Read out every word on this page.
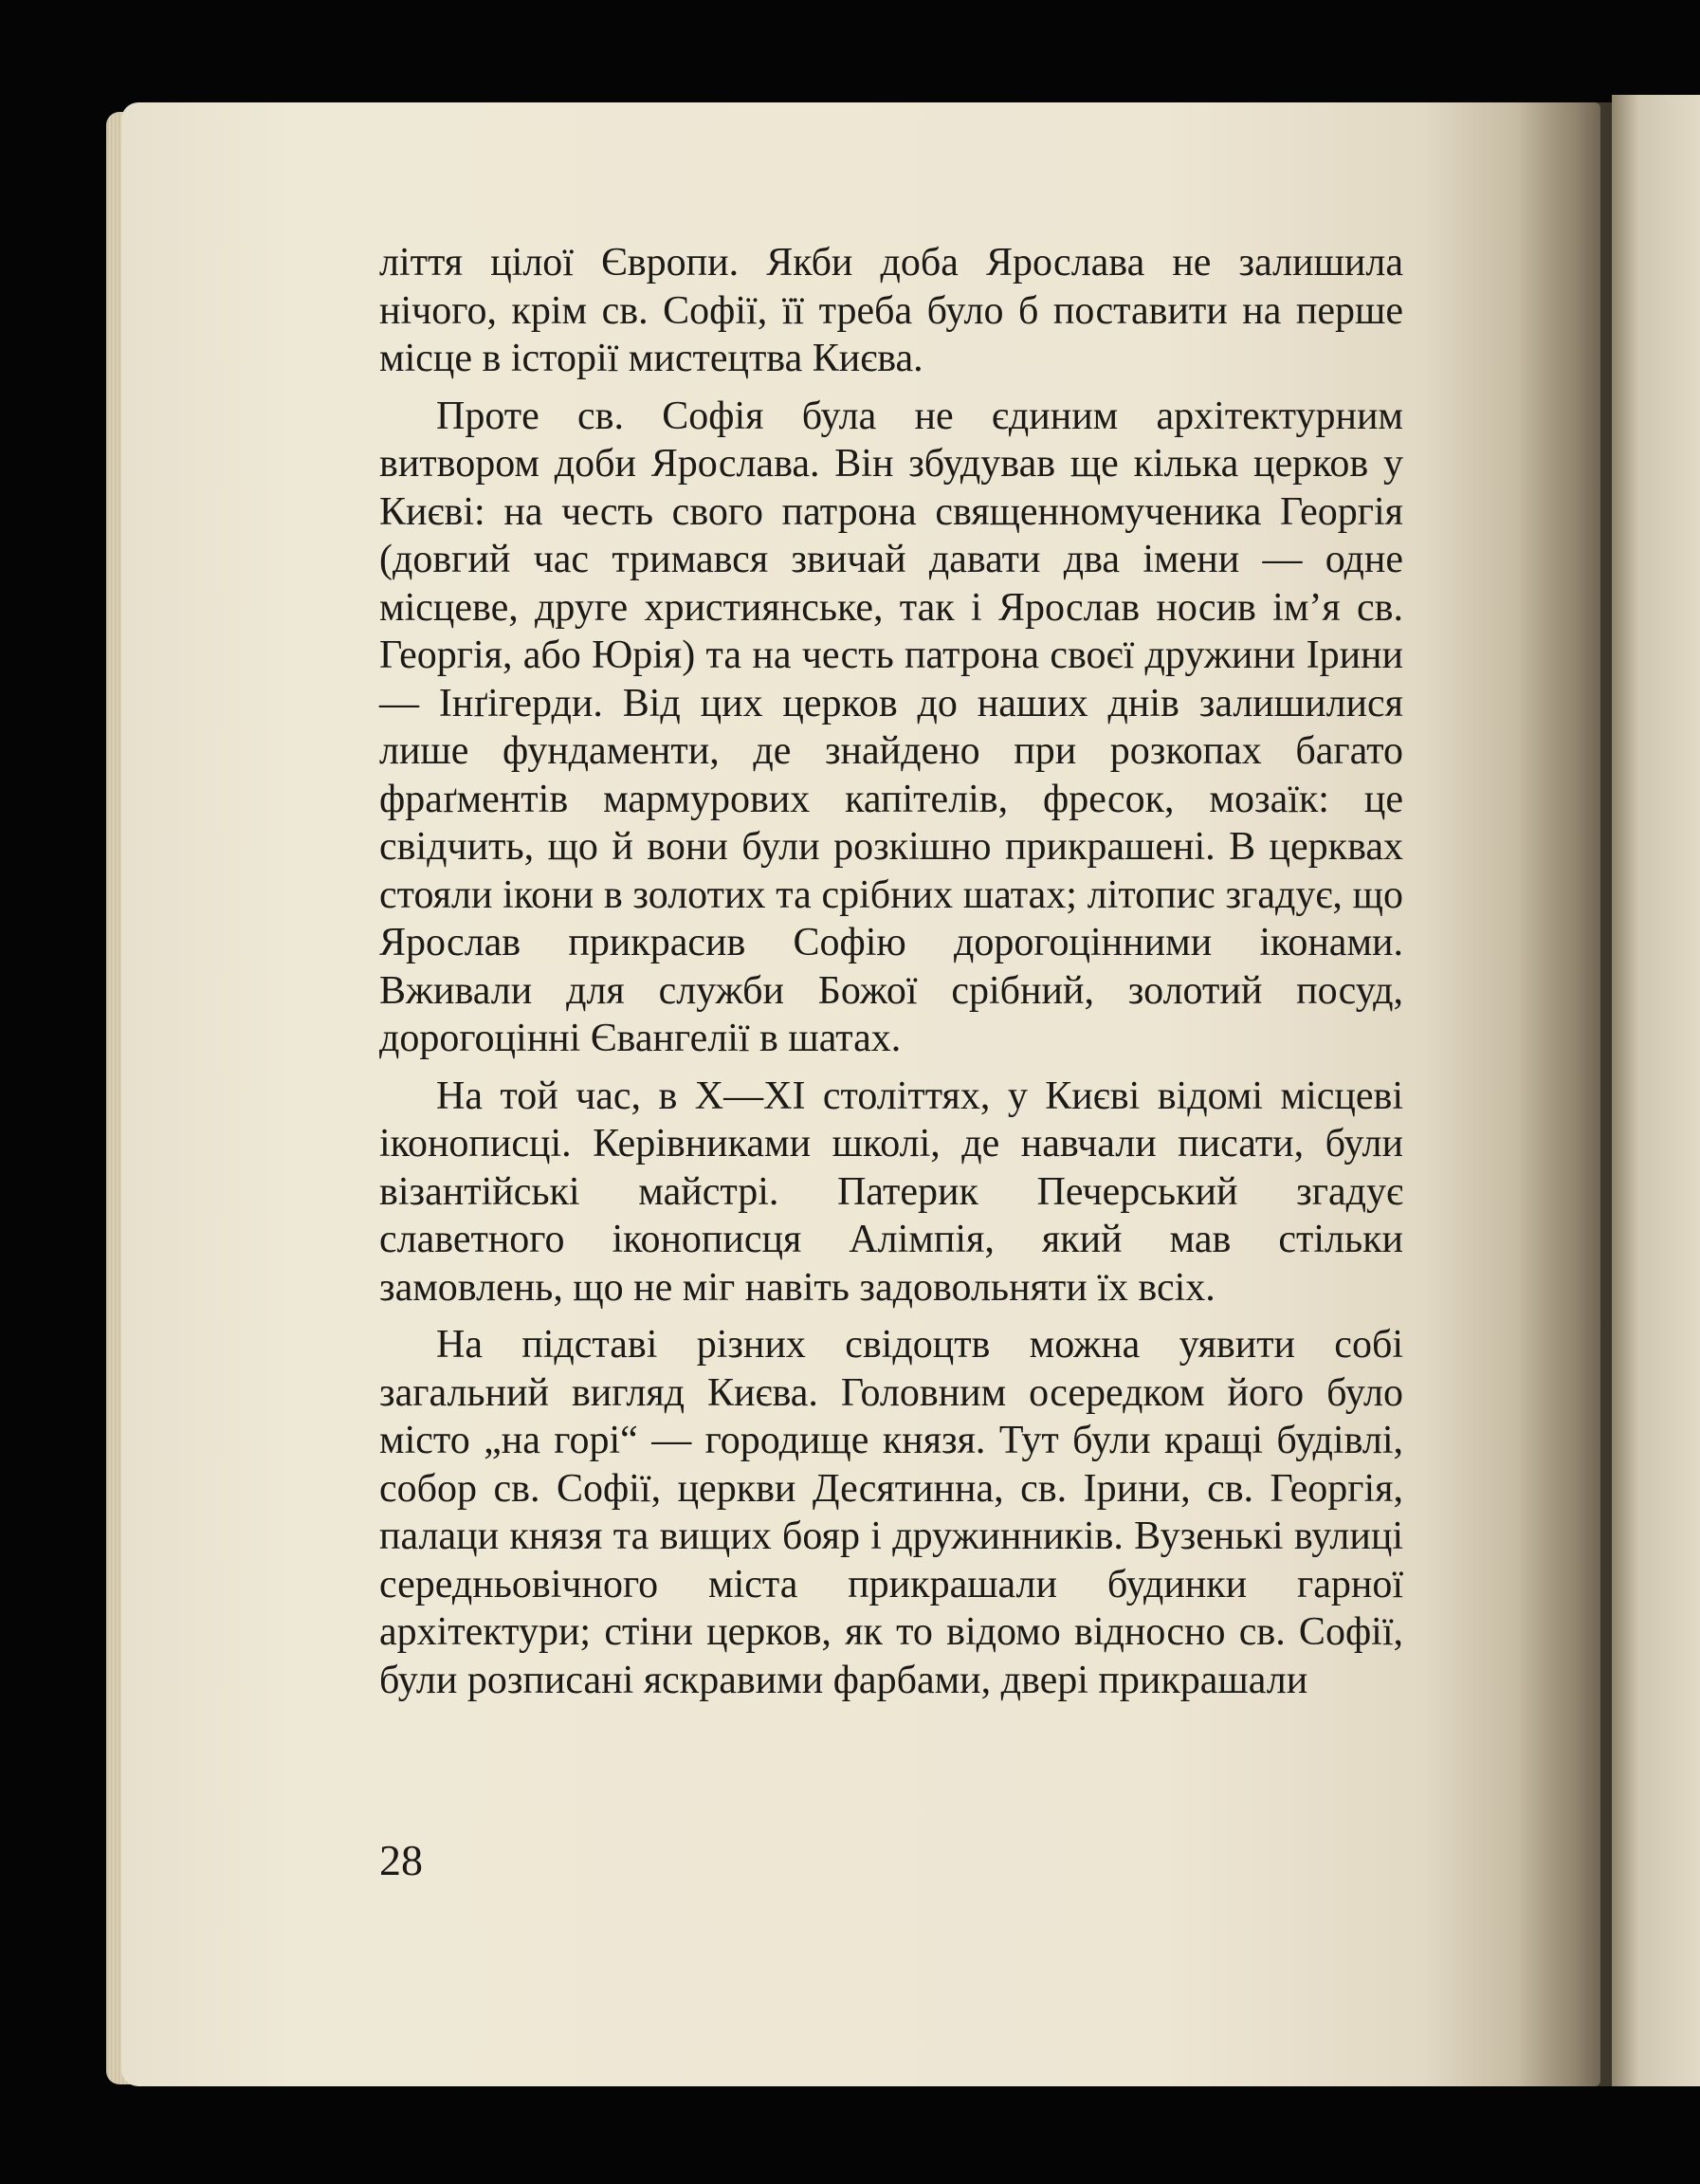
ліття цілої Європи. Якби доба Ярослава не залишила нічого, крім св. Софії, її треба було б поставити на перше місце в історії мистецтва Києва.

Проте св. Софія була не єдиним архітектурним витвором доби Ярослава. Він збудував ще кілька церков у Києві: на честь свого патрона священномученика Георгія (довгий час тримався звичай давати два імени — одне місцеве, друге християнське, так і Ярослав носив ім’я св. Георгія, або Юрія) та на честь патрона своєї дружини Ірини — Інґігерди. Від цих церков до наших днів залишилися лише фундаменти, де знайдено при розкопах багато фраґментів мармурових капітелів, фресок, мозаїк: це свідчить, що й вони були розкішно прикрашені. В церквах стояли ікони в золотих та срібних шатах; літопис згадує, що Ярослав прикрасив Софію дорогоцінними іконами. Вживали для служби Божої срібний, золотий посуд, дорогоцінні Євангелії в шатах.

На той час, в X—XI століттях, у Києві відомі місцеві іконописці. Керівниками школі, де навчали писати, були візантійські майстрі. Патерик Печерський згадує славетного іконописця Алімпія, який мав стільки замовлень, що не міг навіть задовольняти їх всіх.

На підставі різних свідоцтв можна уявити собі загальний вигляд Києва. Головним осередком його було місто „на горі“ — городище князя. Тут були кращі будівлі, собор св. Софії, церкви Десятинна, св. Ірини, св. Георгія, палаци князя та вищих бояр і дружинників. Вузенькі вулиці середньовічного міста прикрашали будинки гарної архітектури; стіни церков, як то відомо відносно св. Софії, були розписані яскравими фарбами, двері прикрашали

28
